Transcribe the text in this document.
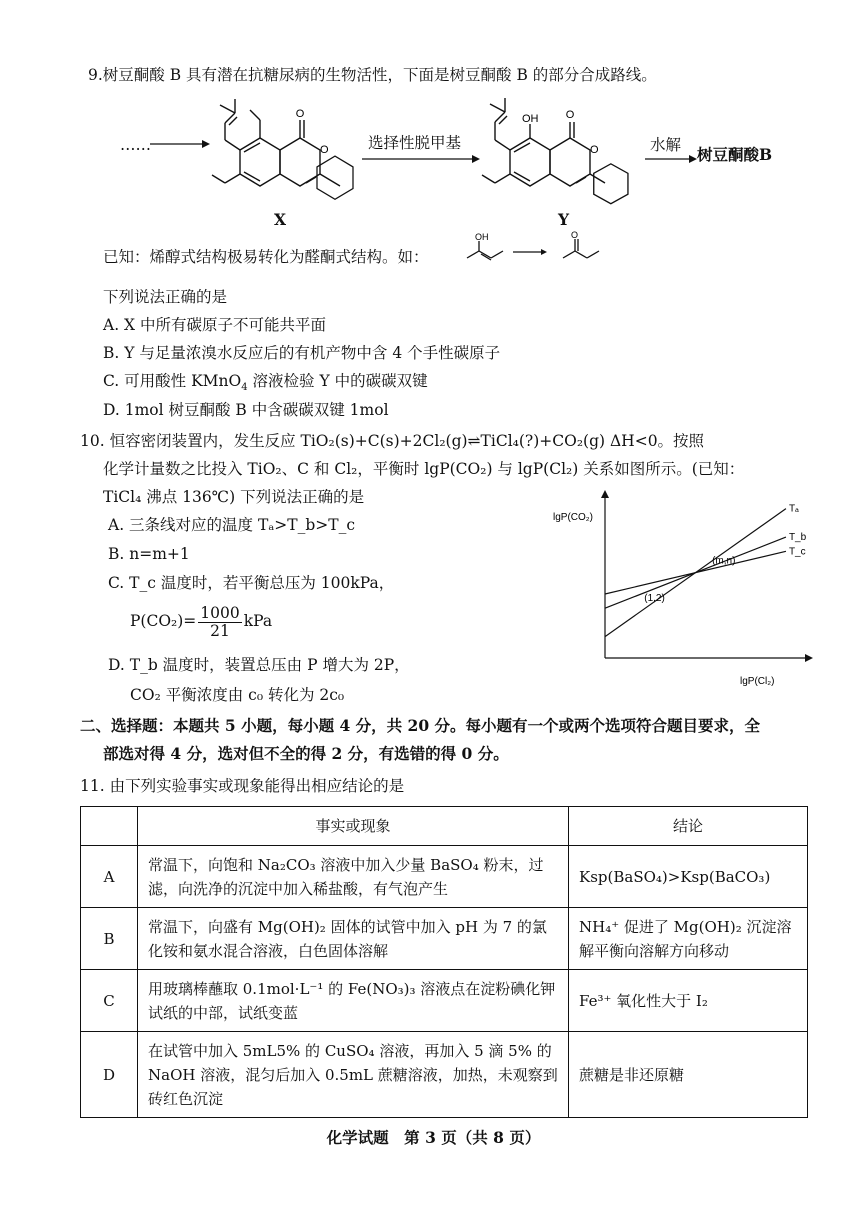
9.树豆酮酸 B 具有潜在抗糖尿病的生物活性，下面是树豆酮酸 B 的部分合成路线。
……
O
O
X
选择性脱甲基
OH O
O
Y
水解 树豆酮酸B
已知：烯醇式结构极易转化为醛酮式结构。如：
OH	O
下列说法正确的是
A. X 中所有碳原子不可能共平面
B. Y 与足量浓溴水反应后的有机产物中含 4 个手性碳原子
C. 可用酸性 KMnO$_4$ 溶液检验 Y 中的碳碳双键
D. 1mol 树豆酮酸 B 中含碳碳双键 1mol
10. 恒容密闭装置内，发生反应 TiO₂(s)+C(s)+2Cl₂(g)⇌TiCl₄(?)+CO₂(g) ΔH<0。按照
化学计量数之比投入 TiO₂、C 和 Cl₂，平衡时 lgP(CO₂) 与 lgP(Cl₂) 关系如图所示。(已知：
TiCl₄ 沸点 136℃) 下列说法正确的是
A. 三条线对应的温度 Tₐ>T_b>T_c
B. n=m+1
C. T_c 温度时，若平衡总压为 100kPa，
$P(CO_2)= \frac{1000}{21}$ kPa
D. T_b 温度时，装置总压由 P 增大为 2P，
CO₂ 平衡浓度由 c₀ 转化为 2c₀
lgP(CO₂)
lgP(Cl₂)
Tₐ
T_b
T_c
(1,2)
(m,n)
二、选择题：本题共 5 小题，每小题 4 分，共 20 分。每小题有一个或两个选项符合题目要求，全
部选对得 4 分，选对但不全的得 2 分，有选错的得 0 分。
11. 由下列实验事实或现象能得出相应结论的是
	事实或现象	结论
A	常温下，向饱和 Na₂CO₃ 溶液中加入少量 BaSO₄ 粉末，过滤，向洗净的沉淀中加入稀盐酸，有气泡产生	Ksp(BaSO₄)>Ksp(BaCO₃)
B	常温下，向盛有 Mg(OH)₂ 固体的试管中加入 pH 为 7 的氯化铵和氨水混合溶液，白色固体溶解	NH₄⁺ 促进了 Mg(OH)₂ 沉淀溶解平衡向溶解方向移动
C	用玻璃棒蘸取 0.1mol·L⁻¹ 的 Fe(NO₃)₃ 溶液点在淀粉碘化钾试纸的中部，试纸变蓝	Fe³⁺ 氧化性大于 I₂
D	在试管中加入 5mL5% 的 CuSO₄ 溶液，再加入 5 滴 5% 的 NaOH 溶液，混匀后加入 0.5mL 蔗糖溶液，加热，未观察到砖红色沉淀	蔗糖是非还原糖
化学试题　第 3 页（共 8 页）
